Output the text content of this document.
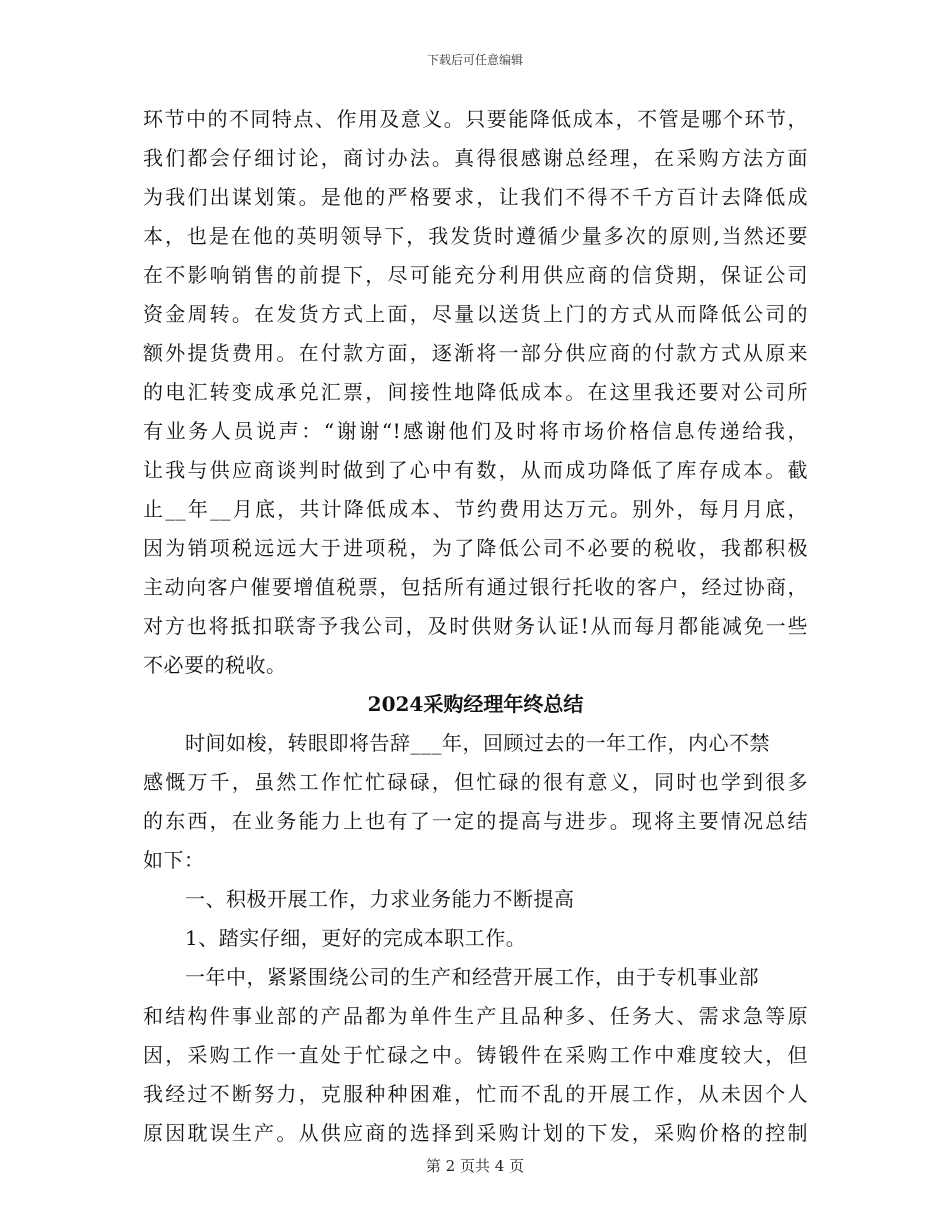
下载后可任意编辑
环节中的不同特点、作用及意义。只要能降低成本，不管是哪个环节，
我们都会仔细讨论，商讨办法。真得很感谢总经理，在采购方法方面
为我们出谋划策。是他的严格要求，让我们不得不千方百计去降低成
本，也是在他的英明领导下，我发货时遵循少量多次的原则,当然还要
在不影响销售的前提下，尽可能充分利用供应商的信贷期，保证公司
资金周转。在发货方式上面，尽量以送货上门的方式从而降低公司的
额外提货费用。在付款方面，逐渐将一部分供应商的付款方式从原来
的电汇转变成承兑汇票，间接性地降低成本。在这里我还要对公司所
有业务人员说声：“谢谢“!感谢他们及时将市场价格信息传递给我，
让我与供应商谈判时做到了心中有数，从而成功降低了库存成本。截
止__年__月底，共计降低成本、节约费用达万元。别外，每月月底，
因为销项税远远大于进项税，为了降低公司不必要的税收，我都积极
主动向客户催要增值税票，包括所有通过银行托收的客户，经过协商，
对方也将抵扣联寄予我公司，及时供财务认证!从而每月都能减免一些
不必要的税收。
2024采购经理年终总结
时间如梭，转眼即将告辞___年，回顾过去的一年工作，内心不禁
感慨万千，虽然工作忙忙碌碌，但忙碌的很有意义，同时也学到很多
的东西，在业务能力上也有了一定的提高与进步。现将主要情况总结
如下：
一、积极开展工作，力求业务能力不断提高
1、踏实仔细，更好的完成本职工作。
一年中，紧紧围绕公司的生产和经营开展工作，由于专机事业部
和结构件事业部的产品都为单件生产且品种多、任务大、需求急等原
因，采购工作一直处于忙碌之中。铸锻件在采购工作中难度较大，但
我经过不断努力，克服种种困难，忙而不乱的开展工作，从未因个人
原因耽误生产。从供应商的选择到采购计划的下发，采购价格的控制
第 2 页共 4 页
